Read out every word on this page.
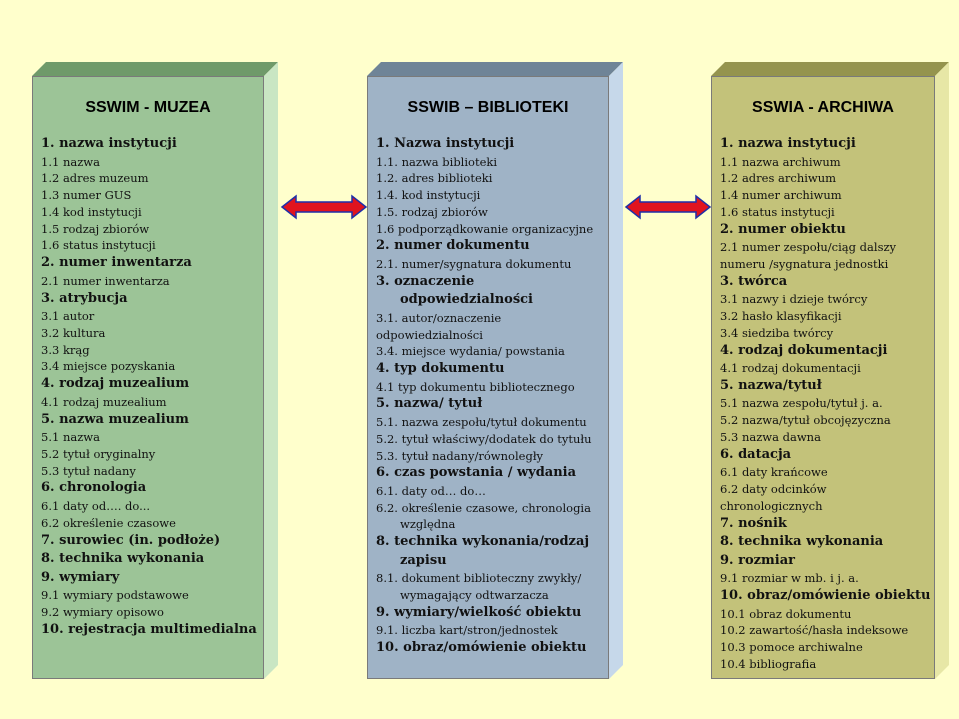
SSWIM - MUZEA
1. nazwa instytucji
1.1 nazwa
1.2 adres muzeum
1.3 numer GUS
1.4 kod instytucji
1.5 rodzaj zbiorów
1.6 status instytucji
2. numer inwentarza
2.1 numer inwentarza
3. atrybucja
3.1 autor
3.2 kultura
3.3 krąg
3.4 miejsce pozyskania
4. rodzaj muzealium
4.1 rodzaj muzealium
5. nazwa muzealium
5.1 nazwa
5.2 tytuł oryginalny
5.3 tytuł nadany
6. chronologia
6.1 daty od…. do...
6.2 określenie czasowe
7. surowiec (in. podłoże)
8. technika wykonania
9. wymiary
9.1 wymiary podstawowe
9.2 wymiary opisowo
10. rejestracja multimedialna
SSWIB – BIBLIOTEKI
1. Nazwa instytucji
1.1. nazwa biblioteki
1.2. adres biblioteki
1.4. kod instytucji
1.5. rodzaj zbiorów
1.6 podporządkowanie organizacyjne
2. numer dokumentu
2.1. numer/sygnatura dokumentu
3. oznaczenie
odpowiedzialności
3.1. autor/oznaczenie odpowiedzialności
3.4. miejsce wydania/ powstania
4. typ dokumentu
4.1 typ dokumentu bibliotecznego
5. nazwa/ tytuł
5.1. nazwa zespołu/tytuł dokumentu
5.2. tytuł właściwy/dodatek do tytułu
5.3. tytuł nadany/równoległy
6. czas powstania / wydania
6.1. daty od… do…
6.2. określenie czasowe, chronologia
względna
8. technika wykonania/rodzaj
zapisu
8.1. dokument biblioteczny zwykły/
wymagający odtwarzacza
9. wymiary/wielkość obiektu
9.1. liczba kart/stron/jednostek
10. obraz/omówienie obiektu
SSWIA - ARCHIWA
1. nazwa instytucji
1.1 nazwa archiwum
1.2 adres archiwum
1.4 numer archiwum
1.6 status instytucji
2. numer obiektu
2.1 numer zespołu/ciąg dalszy numeru /sygnatura jednostki
3. twórca
3.1 nazwy i dzieje twórcy
3.2 hasło klasyfikacji
3.4 siedziba twórcy
4. rodzaj dokumentacji
4.1 rodzaj dokumentacji
5. nazwa/tytuł
5.1 nazwa zespołu/tytuł j. a.
5.2 nazwa/tytuł obcojęzyczna
5.3 nazwa dawna
6. datacja
6.1 daty krańcowe
6.2 daty odcinków chronologicznych
7. nośnik
8. technika wykonania
9. rozmiar
9.1 rozmiar w mb. i j. a.
10. obraz/omówienie obiektu
10.1 obraz dokumentu
10.2 zawartość/hasła indeksowe
10.3 pomoce archiwalne
10.4 bibliografia
